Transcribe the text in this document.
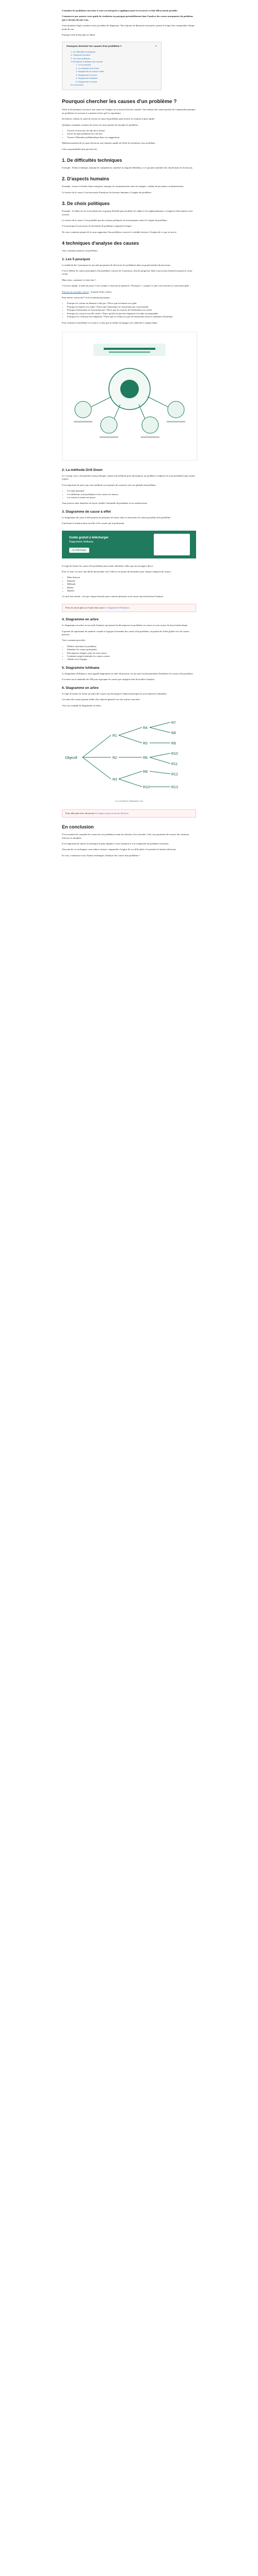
Connaître les problèmes survenus à votre ou entreprise à appliquer pour la recouvrer et doit efficacement possible.

Commencer par amener votre guide de résolution en pourquoi potentiellement dans l'analyse des causes marquantes du problème qui se dessine devant vous.

Cette première étape constitue votre procédure de diagnostic. Pas toujours de démarche structurée, prenez le temps d'en comprendre chaque point de vue.

Pourquoi faut-il bien plus au détail

Pourquoi chercher les causes d'un problème ?	≡
1. De difficultés techniques
2. D'aspects humains
3. De choix politiques
4 techniques d'analyse des causes
1. La 5 pourquoi
2. La méthode Drill Down
3. Diagramme de cause à effet
4. Diagramme en arbre
5. Diagramme Ishikawa
6. Diagramme en arbre
En conclusion
Pourquoi chercher les causes d'un problème ?

Selon le dictionnaire Larousse, une cause est l'origine ou la raison d'un fait constaté. Une analyse des causes permet de comprendre pourquoi un problème est survenu et comment éviter qu'il se reproduise.

En théorie, retenez le cadre de travers la cause du problème peut trouver la solution la plus rapide :

Quelques exemples courants de travers la cause permet de résoudre le problème :

• Trouver le bon mot-clé afin de le mettre
• Savoir de quel problème lui a été mis
• Trouver l'éléments problématique dans vos suggestions

Malheureusement de la cause découvrir une solution rapide de l'effet de résolution votre problème.

Cette responsabilité peut provenir de :

1. De difficultés techniques

Exemple : Panne technique, manque de compétences, matériel ou logiciel défaillant, à ce qui peut entraîner des retards dans les livraisons.

2. D'aspects humains

Exemple : travers le leader d'une entreprise, manque de communication entre les équipes, conflits de personnes ou démotivation.

Le travers de la cause, il est nécessaire d'analyser les facteurs humains à l'origine du problème.

3. De choix politiques

Exemple : le lobby de tel ou tel politicien ou groupe d'intérêt peut modifier les règles et les réglementations, et impacter directement votre activité.

Le travers de la cause, il est probable que des raisons politiques ou économiques soient à l'origine du problème.

C'est pourquoi le processus de résolution de problème comprend 3 étapes :

Ne vous contentez jamais de la cause apparente d'un problème, trouvez le véritable facteur à l'origine de ce qui est arrivé.

4 techniques d'analyse des causes

Voici comment analyser un problème :

1. Les 5 pourquoi

La méthode des 5 pourquoi est un outil qui permet de découvrir les problèmes dans un grand nombre de processus.

C'est à définir les causes principales d'un problème, à poser de 5 questions, afin de progresser dans le processus d'analyse jusqu'à la cause racine.

Mais alors, comment s'y faire face ?

C'est très simple, il suffit de poser 5 fois comme ci-dessous la question « Pourquoi ? » jusqu'à ce que vous trouviez la cause principale :

Prenons un exemple concret : la panne d'une voiture.

Pour mieux vous poser 5 fois la question pourquoi :

• Pourquoi la voiture ne démarre-t-elle pas ? Parce que la batterie est à plat.
• Pourquoi la batterie est à plat ? Parce que l'alternateur ne fonctionne pas correctement.
• Pourquoi l'alternateur ne fonctionne pas ? Parce que la courroie de l'alternateur est cassée.
• Pourquoi la courroie est-elle cassée ? Parce qu'elle n'a pas été remplacée à la date recommandée.
• Pourquoi n'a-t-elle pas été remplacée ? Parce que la voiture n'a pas été entretenue selon le calendrier d'entretien.

Pour remonter le problème à sa source, il faut que la chaîne de logique soit cohérente à chaque étape.

2. La méthode Drill Down

Ce concept vous a été présenté en psychologie comme une méthode pour décomposer un problème complexe en sous-problèmes plus faciles à gérer.

Il est important de noter que cette méthode vous permet de conserver une vue globale du problème :

• Un sujet principal
• Les différents sous-problèmes et les causes de chacun
• Les actions à mettre en œuvre

Vous pouvez ainsi identifier de façon visuelle l'ensemble du problème et ses ramifications.

3. Diagramme de cause à effet

Le diagramme de cause à effet permet de présenter de façon claire et structurée les causes possibles d'un problème.

Il présente la relation entre un effet et les causes qui le produisent.

Guide gratuit à télécharger
Diagramme Ishikawa
Je télécharge

Il s'agit de classer les causes d'un problème pour mieux identifier celles qui ont un impact direct.

Pour ce faire, on trace une flèche horizontale vers l'effet et on ajoute des branches pour chaque catégorie de causes :

• Main d'œuvre
• Matériel
• Méthode
• Milieu
• Matière

Ce qu'il faut retenir, c'est que chaque branche peut contenir plusieurs sous-causes qui enrichissent l'analyse.

Pour en savoir plus sur l'outil, lisez aussi Le diagramme d'Ishikawa
4. Diagramme en arbre

Le diagramme en arbre est un outil d'analyse qui permet de décomposer un problème en causes et sous-causes de façon hiérarchique.

Il permet de représenter de manière visuelle et logique l'ensemble des causes d'un problème, en partant de l'effet global vers les causes précises.

Voici comment procéder :

• Définir clairement le problème
• Identifier les causes principales
• Décomposer chaque cause en sous-causes
• Continuer jusqu'à atteindre les causes racines
• Valider avec l'équipe
5. Diagramme Ishikawa

Le diagramme d'Ishikawa, aussi appelé diagramme en arête de poisson, est un outil visuel permettant d'identifier les causes d'un problème.

Il se base sur la méthode des 5M pour regrouper les causes par catégorie afin de faciliter l'analyse.

6. Diagramme en arbre

Il s'agit de mettre en forme un arbre des causes qui décompose l'objectif principal en sous-objectifs réalisables.

Cet arbre des causes permet d'aller d'un objectif général vers des actions concrètes.

Voici un exemple de diagramme en arbre :

Objectif
R1
R2
R3
R4
R5
R6
R8
R10
R7
R8
R9
R10
R11
R12
R13
www.mindtools-diagramme.com
Pour aller plus loin, découvrez les étapes du processus de décision
En conclusion

Il est essentiel de connaître les causes de vos problèmes avant de chercher à les résoudre. Cela vous permettra de trouver des solutions efficaces et durables.

Il est important de choisir la technique la plus adaptée à votre situation et à la complexité du problème rencontré.

Chacune de ces techniques vous aidera à mieux comprendre l'origine de vos difficultés et à prendre les bonnes décisions.

Et vous, connaissez-vous d'autres techniques d'analyse des causes d'un problème ?
